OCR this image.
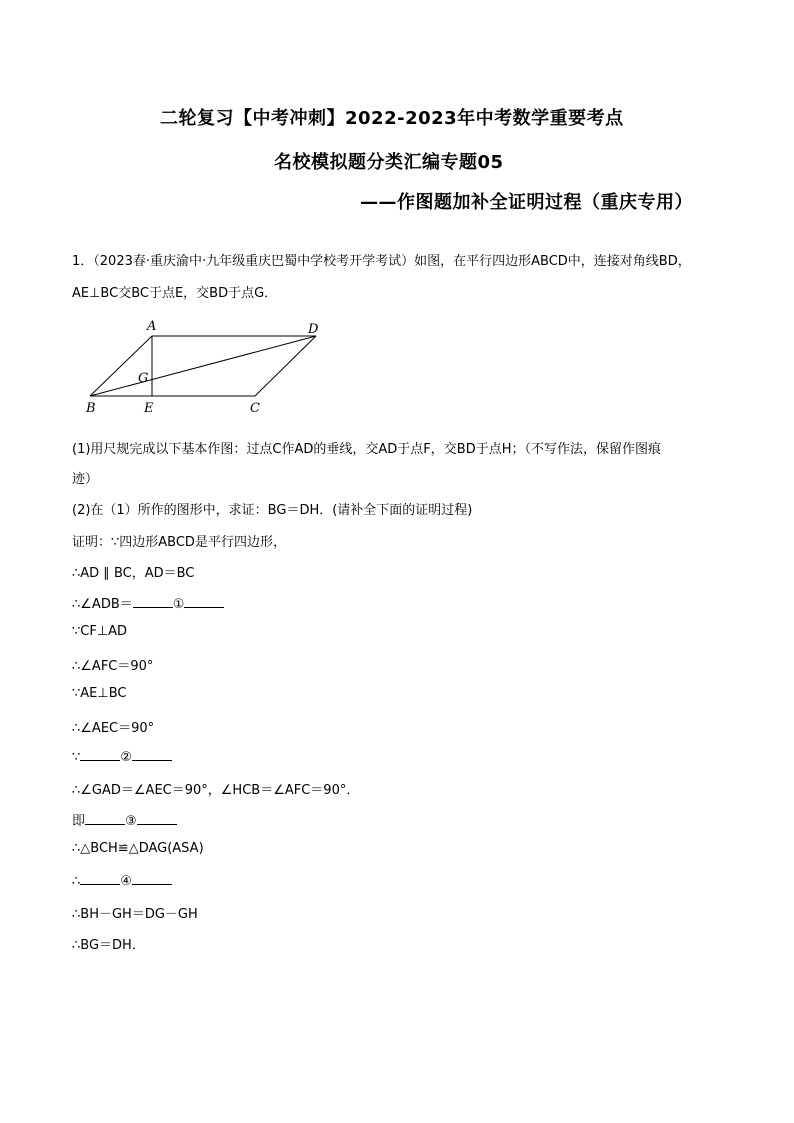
二轮复习【中考冲刺】2022-2023年中考数学重要考点
名校模拟题分类汇编专题05
——作图题加补全证明过程（重庆专用）
1．（2023春·重庆渝中·九年级重庆巴蜀中学校考开学考试）如图，在平行四边形ABCD中，连接对角线BD，
AE⊥BC交BC于点E，交BD于点G．
A	D
B	E	C
G
(1)用尺规完成以下基本作图：过点C作AD的垂线，交AD于点F，交BD于点H；（不写作法，保留作图痕
迹）
(2)在（1）所作的图形中，求证：BG＝DH．(请补全下面的证明过程)
证明：∵四边形ABCD是平行四边形，
∴AD ∥ BC，AD＝BC
∴∠ADB＝	①
∵CF⊥AD
∴∠AFC＝90°
∵AE⊥BC
∴∠AEC＝90°
∵	②
∴∠GAD＝∠AEC＝90°，∠HCB＝∠AFC＝90°．
即	③
∴△BCH≌△DAG(ASA)
∴	④
∴BH－GH＝DG－GH
∴BG＝DH．
